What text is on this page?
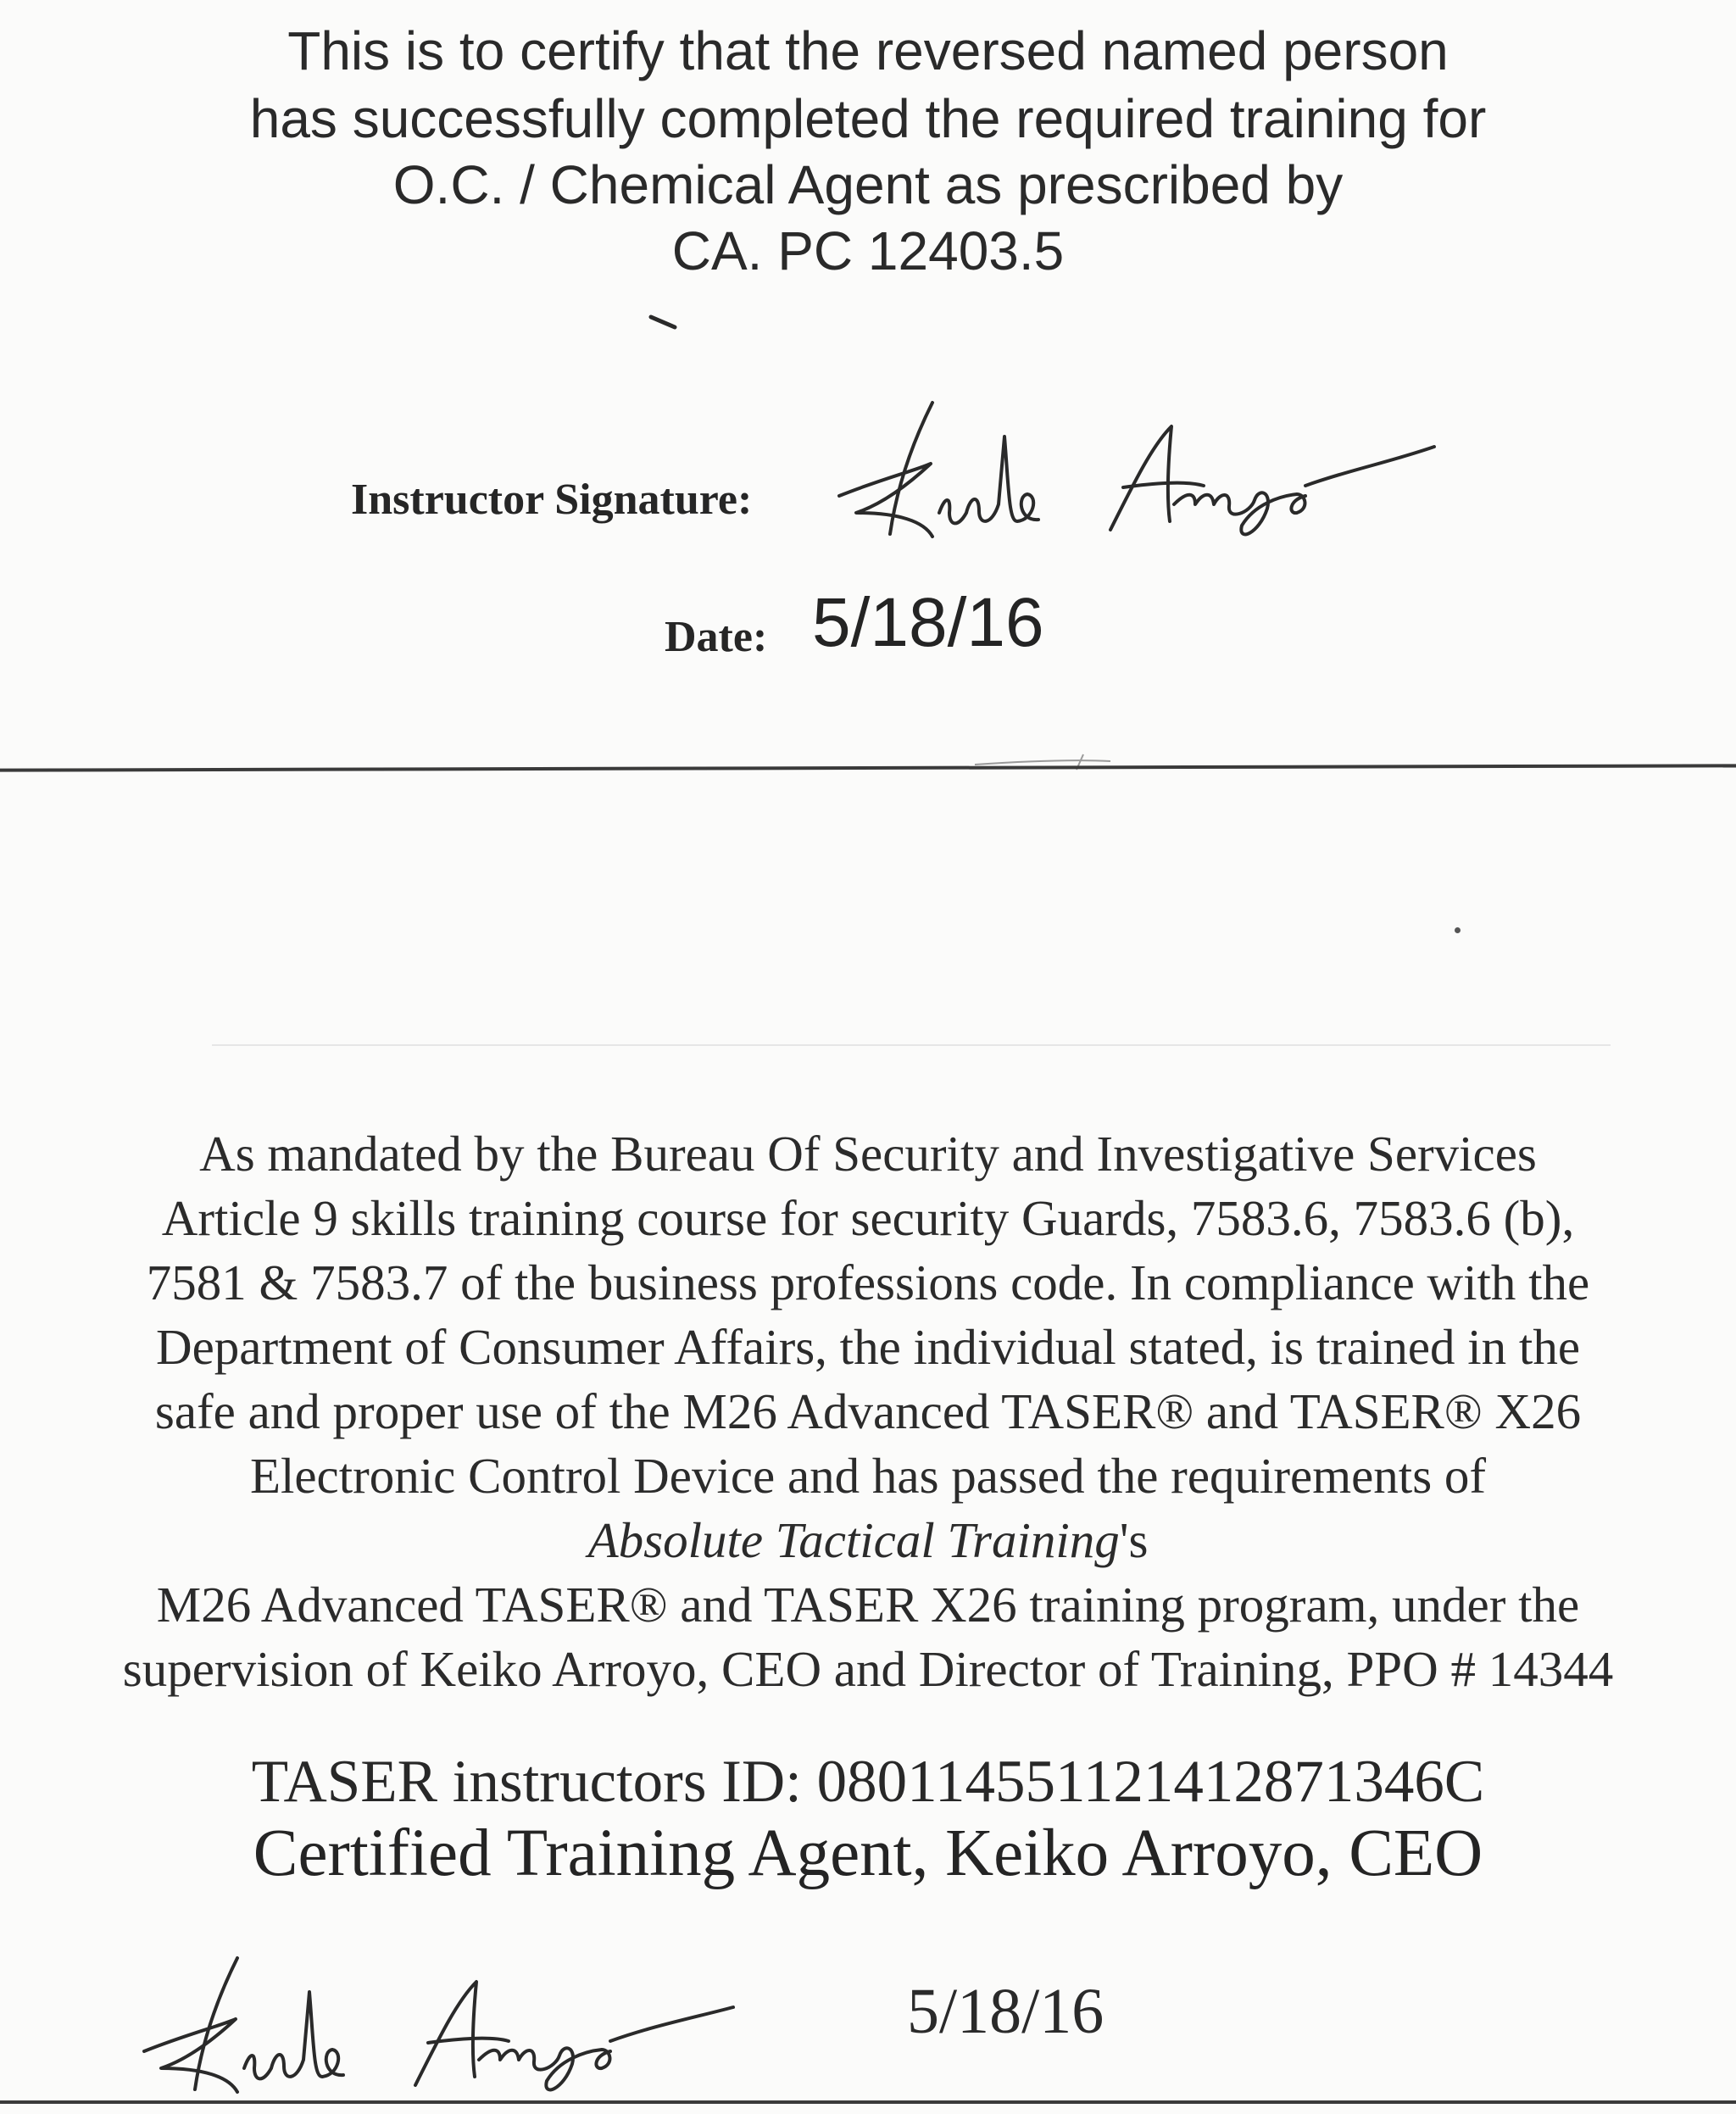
This is to certify that the reversed named person
has successfully completed the required training for
O.C. / Chemical Agent as prescribed by
CA. PC 12403.5
Instructor Signature:
Date: 5/18/16
As mandated by the Bureau Of Security and Investigative Services
Article 9 skills training course for security Guards, 7583.6, 7583.6 (b),
7581 & 7583.7 of the business professions code. In compliance with the
Department of Consumer Affairs, the individual stated, is trained in the
safe and proper use of the M26 Advanced TASER® and TASER® X26
Electronic Control Device and has passed the requirements of
Absolute Tactical Training's
M26 Advanced TASER® and TASER X26 training program, under the
supervision of Keiko Arroyo, CEO and Director of Training, PPO # 14344
TASER instructors ID: 080114551121412871346C
Certified Training Agent, Keiko Arroyo, CEO
5/18/16
